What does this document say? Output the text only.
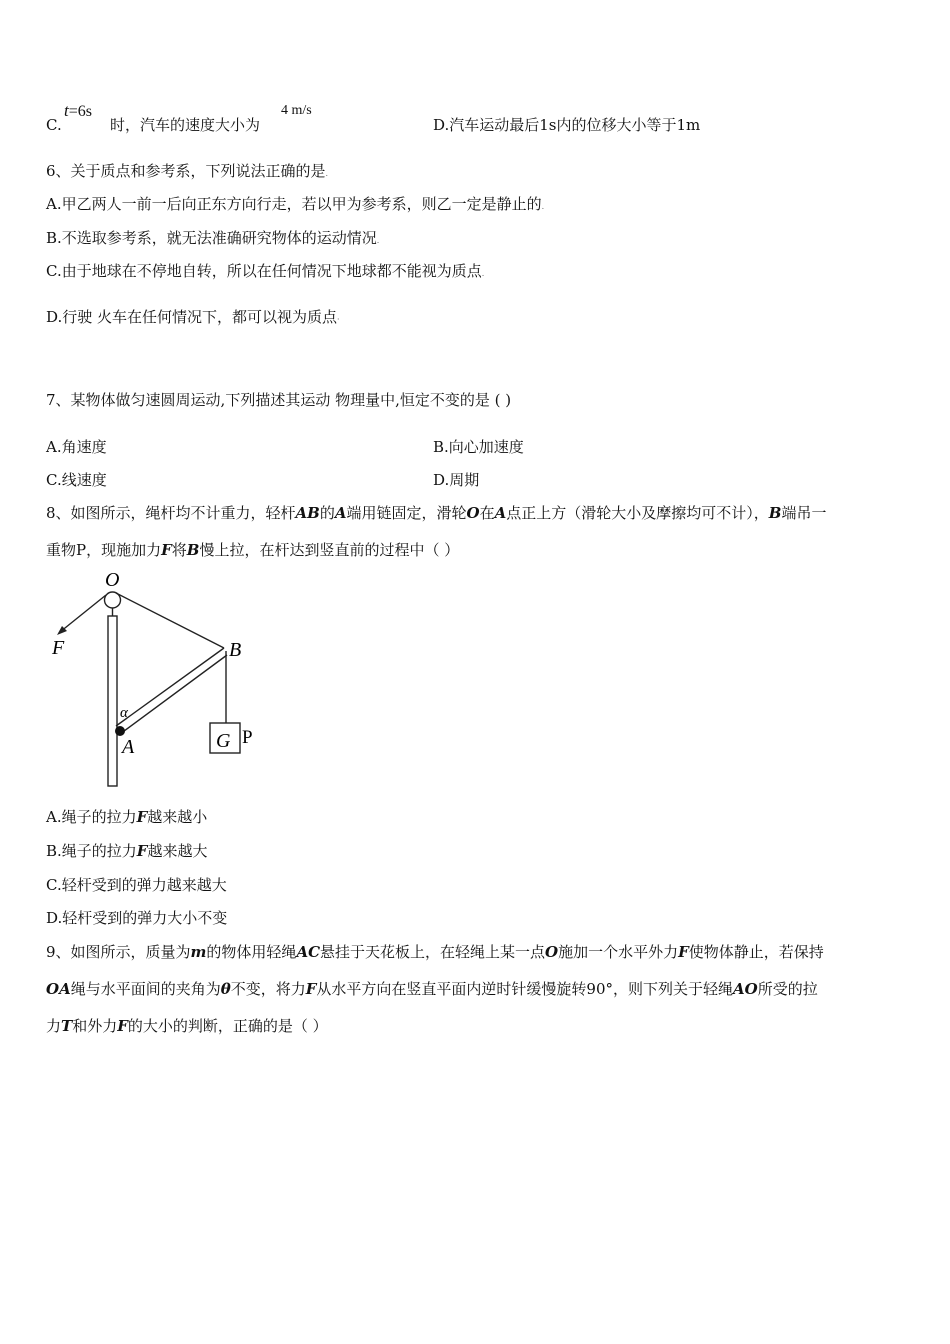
C.
t=6s
时，汽车的速度大小为
4 m/s
D.汽车运动最后1s内的位移大小等于1m
6、关于质点和参考系，下列说法正确的是.
A.甲乙两人一前一后向正东方向行走，若以甲为参考系，则乙一定是静止的.
B.不选取参考系，就无法准确研究物体的运动情况.
C.由于地球在不停地自转，所以在任何情况下地球都不能视为质点.
D.行驶 火车在任何情况下，都可以视为质点·
7、某物体做匀速圆周运动,下列描述其运动 物理量中,恒定不变的是 ( )
A.角速度	B.向心加速度
C.线速度	D.周期
8、如图所示，绳杆均不计重力，轻杆AB的A端用链固定，滑轮O在A点正上方（滑轮大小及摩擦均可不计），B端吊一
重物P，现施加力F将B慢上拉，在杆达到竖直前的过程中（ ）
O
F	B
α
A	G P
A.绳子的拉力F越来越小
B.绳子的拉力F越来越大
C.轻杆受到的弹力越来越大
D.轻杆受到的弹力大小不变
9、如图所示，质量为m的物体用轻绳AC悬挂于天花板上，在轻绳上某一点O施加一个水平外力F使物体静止，若保持
OA绳与水平面间的夹角为θ不变，将力F从水平方向在竖直平面内逆时针缓慢旋转90°，则下列关于轻绳AO所受的拉
力T和外力F的大小的判断，正确的是（ ）
